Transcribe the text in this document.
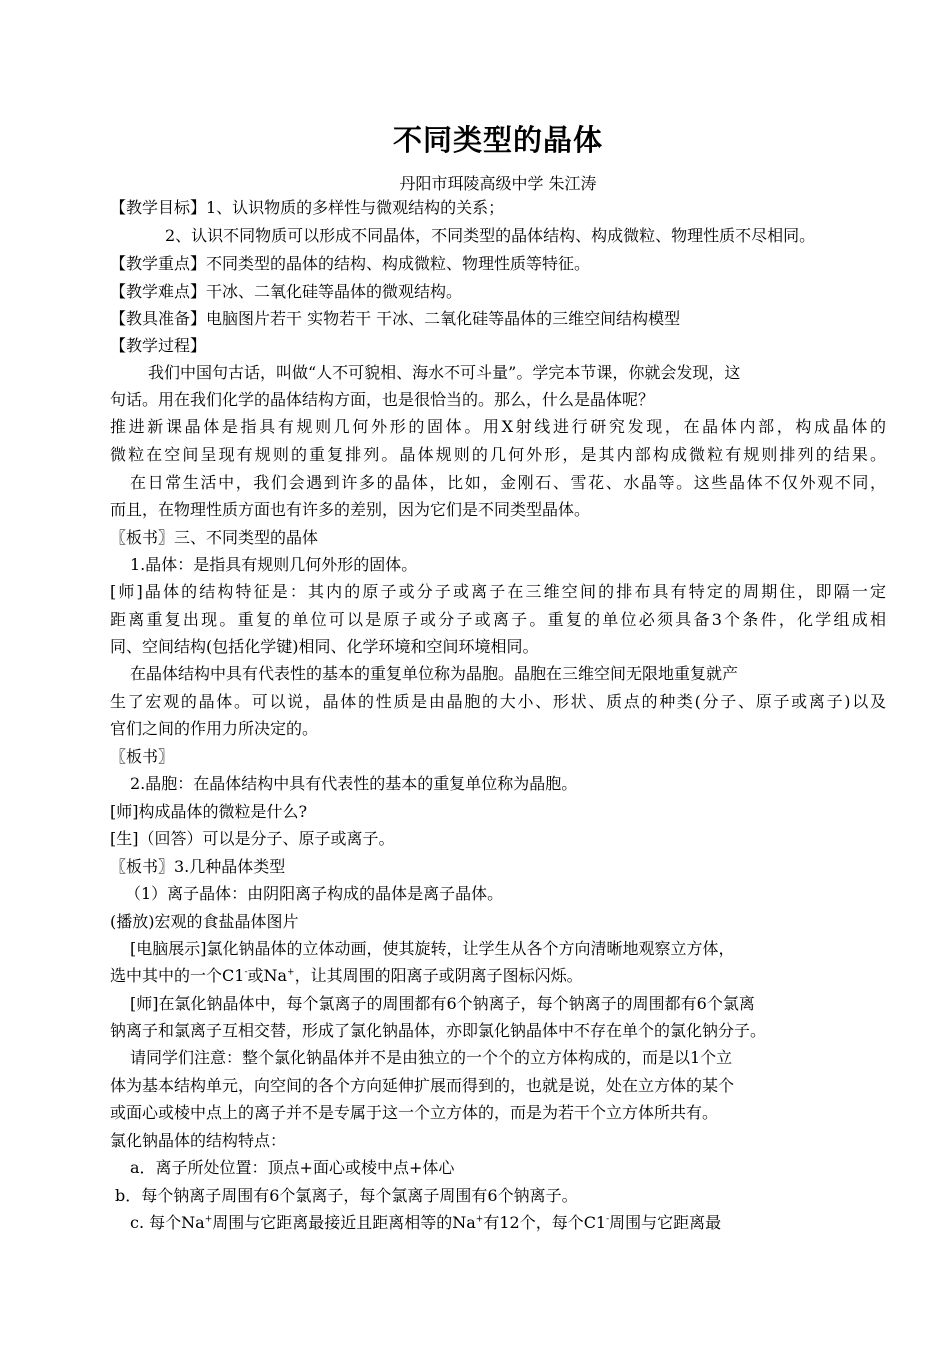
不同类型的晶体
丹阳市珥陵高级中学 朱江涛
【教学目标】1、认识物质的多样性与微观结构的关系；
2、认识不同物质可以形成不同晶体，不同类型的晶体结构、构成微粒、物理性质不尽相同。
【教学重点】不同类型的晶体的结构、构成微粒、物理性质等特征。
【教学难点】干冰、二氧化硅等晶体的微观结构。
【教具准备】电脑图片若干 实物若干 干冰、二氧化硅等晶体的三维空间结构模型
【教学过程】
我们中国句古话，叫做“人不可貌相、海水不可斗量”。学完本节课，你就会发现，这
句话。用在我们化学的晶体结构方面，也是很恰当的。那么，什么是晶体呢？
推进新课晶体是指具有规则几何外形的固体。用X射线进行研究发现，在晶体内部，构成晶体的
微粒在空间呈现有规则的重复排列。晶体规则的几何外形，是其内部构成微粒有规则排列的结果。
在日常生活中，我们会遇到许多的晶体，比如，金刚石、雪花、水晶等。这些晶体不仅外观不同，
而且，在物理性质方面也有许多的差别，因为它们是不同类型晶体。
〖板书〗三、不同类型的晶体
1.晶体：是指具有规则几何外形的固体。
[师]晶体的结构特征是：其内的原子或分子或离子在三维空间的排布具有特定的周期住，即隔一定
距离重复出现。重复的单位可以是原子或分子或离子。重复的单位必须具备3个条件，化学组成相
同、空间结构(包括化学键)相同、化学环境和空间环境相同。
在晶体结构中具有代表性的基本的重复单位称为晶胞。晶胞在三维空间无限地重复就产
生了宏观的晶体。可以说，晶体的性质是由晶胞的大小、形状、质点的种类(分子、原子或离子)以及
官们之间的作用力所决定的。
〖板书〗
2.晶胞：在晶体结构中具有代表性的基本的重复单位称为晶胞。
[师]构成晶体的微粒是什么?
[生]（回答）可以是分子、原子或离子。
〖板书〗3.几种晶体类型
（1）离子晶体：由阴阳离子构成的晶体是离子晶体。
(播放)宏观的食盐晶体图片
[电脑展示]氯化钠晶体的立体动画，使其旋转，让学生从各个方向清晰地观察立方体，
选中其中的一个C1-或Na+，让其周围的阳离子或阴离子图标闪烁。
[师]在氯化钠晶体中，每个氯离子的周围都有6个钠离子，每个钠离子的周围都有6个氯离
钠离子和氯离子互相交替，形成了氯化钠晶体，亦即氯化钠晶体中不存在单个的氯化钠分子。
请同学们注意：整个氯化钠晶体并不是由独立的一个个的立方体构成的，而是以1个立
体为基本结构单元，向空间的各个方向延伸扩展而得到的，也就是说，处在立方体的某个
或面心或棱中点上的离子并不是专属于这一个立方体的，而是为若干个立方体所共有。
氯化钠晶体的结构特点：
a．离子所处位置：顶点+面心或棱中点+体心
b．每个钠离子周围有6个氯离子，每个氯离子周围有6个钠离子。
c. 每个Na+周围与它距离最接近且距离相等的Na+有12个，每个C1-周围与它距离最
